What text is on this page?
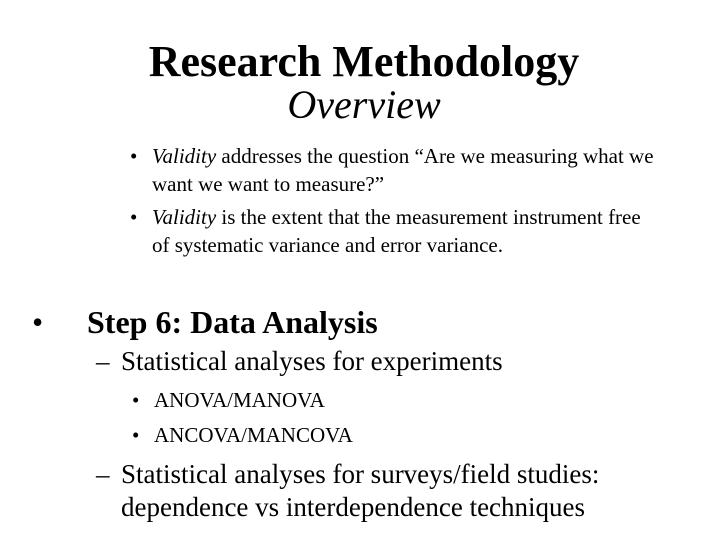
Research Methodology
Overview
• Validity addresses the question “Are we measuring what we want we want to measure?”
• Validity is the extent that the measurement instrument free of systematic variance and error variance.
• Step 6: Data Analysis
– Statistical analyses for experiments
• ANOVA/MANOVA
• ANCOVA/MANCOVA
– Statistical analyses for surveys/field studies: dependence vs interdependence techniques
